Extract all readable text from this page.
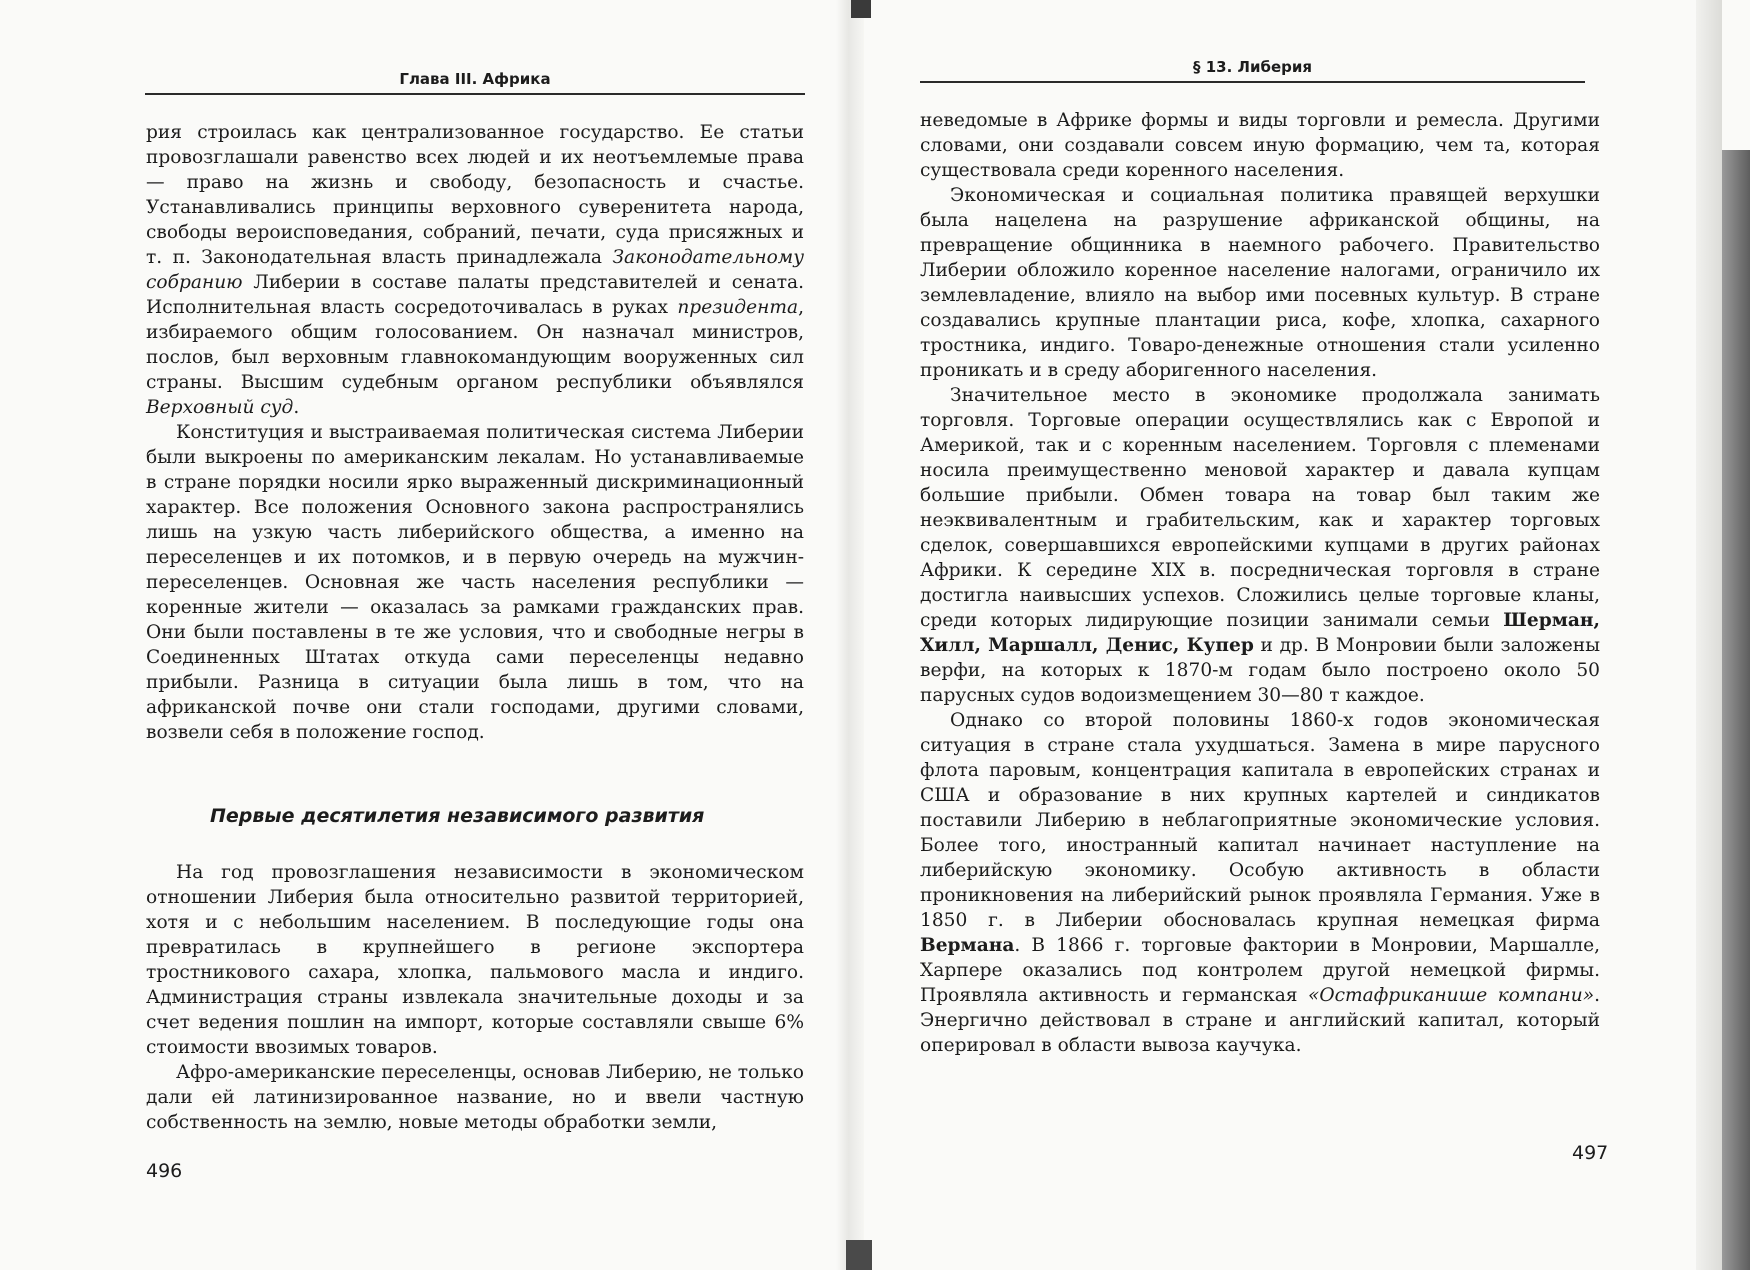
Глава III. Африка

рия строилась как централизованное государство. Ее статьи провозглашали равенство всех людей и их неотъемлемые права — право на жизнь и свободу, безопасность и счастье. Устанавливались принципы верховного суверенитета народа, свободы вероисповедания, собраний, печати, суда присяжных и т. п. Законодательная власть принадлежала Законодательному собранию Либерии в составе палаты представителей и сената. Исполнительная власть сосредоточивалась в руках президента, избираемого общим голосованием. Он назначал министров, послов, был верховным главнокомандующим вооруженных сил страны. Высшим судебным органом республики объявлялся Верховный суд.

Конституция и выстраиваемая политическая система Либерии были выкроены по американским лекалам. Но устанавливаемые в стране порядки носили ярко выраженный дискриминационный характер. Все положения Основного закона распространялись лишь на узкую часть либерийского общества, а именно на переселенцев и их потомков, и в первую очередь на мужчин-переселенцев. Основная же часть населения республики — коренные жители — оказалась за рамками гражданских прав. Они были поставлены в те же условия, что и свободные негры в Соединенных Штатах откуда сами переселенцы недавно прибыли. Разница в ситуации была лишь в том, что на африканской почве они стали господами, другими словами, возвели себя в положение господ.

Первые десятилетия независимого развития

На год провозглашения независимости в экономическом отношении Либерия была относительно развитой территорией, хотя и с небольшим населением. В последующие годы она превратилась в крупнейшего в регионе экспортера тростникового сахара, хлопка, пальмового масла и индиго. Администрация страны извлекала значительные доходы и за счет ведения пошлин на импорт, которые составляли свыше 6% стоимости ввозимых товаров.

Афро-американские переселенцы, основав Либерию, не только дали ей латинизированное название, но и ввели частную собственность на землю, новые методы обработки земли,

496
§ 13. Либерия

неведомые в Африке формы и виды торговли и ремесла. Другими словами, они создавали совсем иную формацию, чем та, которая существовала среди коренного населения.

Экономическая и социальная политика правящей верхушки была нацелена на разрушение африканской общины, на превращение общинника в наемного рабочего. Правительство Либерии обложило коренное население налогами, ограничило их землевладение, влияло на выбор ими посевных культур. В стране создавались крупные плантации риса, кофе, хлопка, сахарного тростника, индиго. Товаро-денежные отношения стали усиленно проникать и в среду аборигенного населения.

Значительное место в экономике продолжала занимать торговля. Торговые операции осуществлялись как с Европой и Америкой, так и с коренным населением. Торговля с племенами носила преимущественно меновой характер и давала купцам большие прибыли. Обмен товара на товар был таким же неэквивалентным и грабительским, как и характер торговых сделок, совершавшихся европейскими купцами в других районах Африки. К середине XIX в. посредническая торговля в стране достигла наивысших успехов. Сложились целые торговые кланы, среди которых лидирующие позиции занимали семьи Шерман, Хилл, Маршалл, Денис, Купер и др. В Монровии были заложены верфи, на которых к 1870-м годам было построено около 50 парусных судов водоизмещением 30—80 т каждое.

Однако со второй половины 1860-х годов экономическая ситуация в стране стала ухудшаться. Замена в мире парусного флота паровым, концентрация капитала в европейских странах и США и образование в них крупных картелей и синдикатов поставили Либерию в неблагоприятные экономические условия. Более того, иностранный капитал начинает наступление на либерийскую экономику. Особую активность в области проникновения на либерийский рынок проявляла Германия. Уже в 1850 г. в Либерии обосновалась крупная немецкая фирма Вермана. В 1866 г. торговые фактории в Монровии, Маршалле, Харпере оказались под контролем другой немецкой фирмы. Проявляла активность и германская «Остафриканише компани». Энергично действовал в стране и английский капитал, который оперировал в области вывоза каучука.

497
